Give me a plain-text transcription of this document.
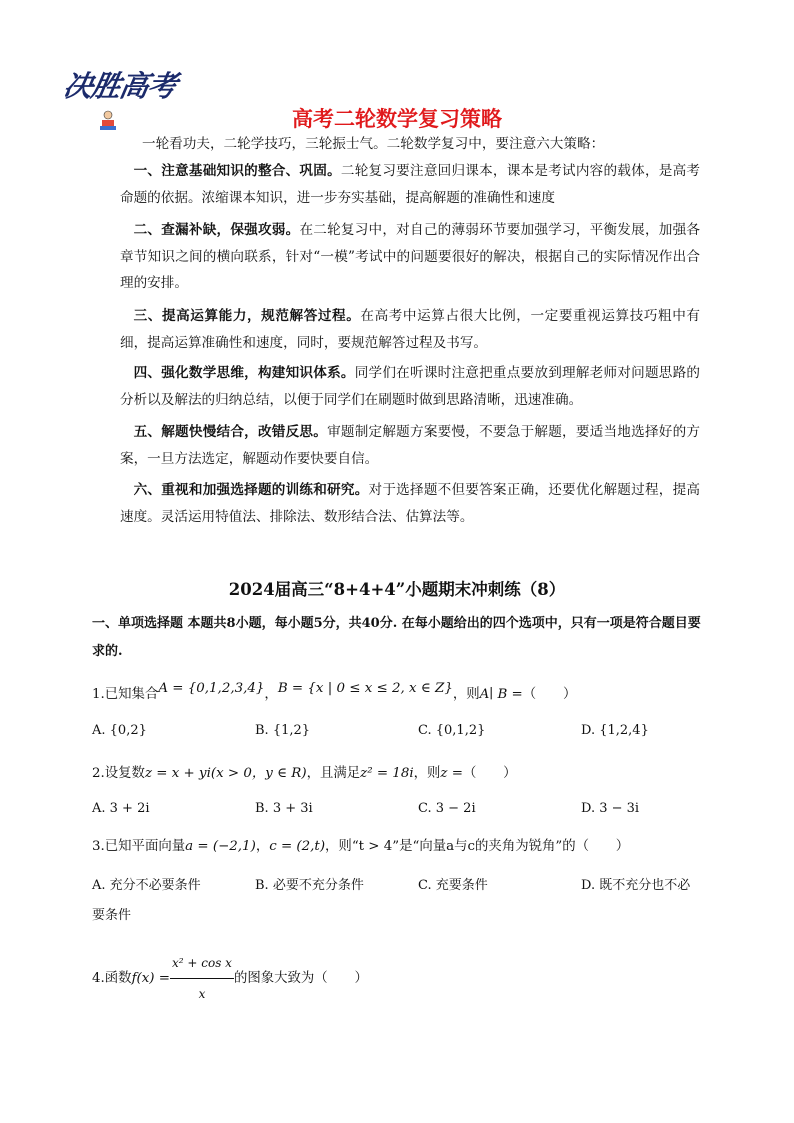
决胜高考
高考二轮数学复习策略
一轮看功夫，二轮学技巧，三轮振士气。二轮数学复习中，要注意六大策略：
一、注意基础知识的整合、巩固。二轮复习要注意回归课本，课本是考试内容的载体，是高考命题的依据。浓缩课本知识，进一步夯实基础，提高解题的准确性和速度
二、查漏补缺，保强攻弱。在二轮复习中，对自己的薄弱环节要加强学习，平衡发展，加强各章节知识之间的横向联系，针对“一模”考试中的问题要很好的解决，根据自己的实际情况作出合理的安排。
三、提高运算能力，规范解答过程。在高考中运算占很大比例，一定要重视运算技巧粗中有细，提高运算准确性和速度，同时，要规范解答过程及书写。
四、强化数学思维，构建知识体系。同学们在听课时注意把重点要放到理解老师对问题思路的分析以及解法的归纳总结，以便于同学们在刷题时做到思路清晰，迅速准确。
五、解题快慢结合，改错反思。审题制定解题方案要慢，不要急于解题，要适当地选择好的方案，一旦方法选定，解题动作要快要自信。
六、重视和加强选择题的训练和研究。对于选择题不但要答案正确，还要优化解题过程，提高速度。灵活运用特值法、排除法、数形结合法、估算法等。
2024届高三“8+4+4”小题期末冲刺练（8）
一、单项选择题 本题共8小题，每小题5分，共40分. 在每小题给出的四个选项中，只有一项是符合题目要求的.
1.已知集合A = {0,1,2,3,4}，B = {x | 0 ≤ x ≤ 2, x ∈ Z}，则A∣ B =（　　）
A. {0,2}	B. {1,2}	C. {0,1,2}	D. {1,2,4}
2.设复数z = x + yi(x > 0，y ∈ R)，且满足z² = 18i，则z =（　　）
A. 3 + 2i	B. 3 + 3i	C. 3 − 2i	D. 3 − 3i
3.已知平面向量a = (−2,1)，c = (2,t)，则“t > 4”是“向量a与c的夹角为锐角”的（　　）
A. 充分不必要条件	B. 必要不充分条件	C. 充要条件	D. 既不充分也不必
要条件
4.函数$f(x) = \frac{\text{x² + cos x}}{x}$ 的图象大致为（　　）
